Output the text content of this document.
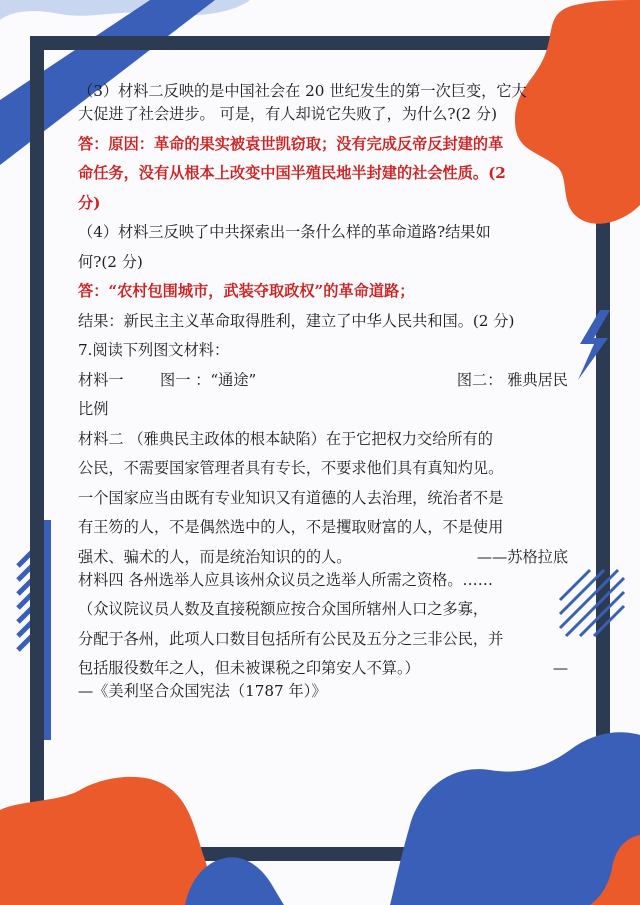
（3）材料二反映的是中国社会在 20 世纪发生的第一次巨变，它大
大促进了社会进步。 可是，有人却说它失败了，为什么?(2 分)
答：原因：革命的果实被袁世凯窃取；没有完成反帝反封建的革
命任务，没有从根本上改变中国半殖民地半封建的社会性质。(2
分)
（4）材料三反映了中共探索出一条什么样的革命道路?结果如
何?(2 分)
答：“农村包围城市，武装夺取政权”的革命道路；
结果：新民主主义革命取得胜利，建立了中华人民共和国。(2 分)
7.阅读下列图文材料：
材料一	图一 ：“通途”	图二： 雅典居民
比例
材料二 （雅典民主政体的根本缺陷）在于它把权力交给所有的
公民，不需要国家管理者具有专长，不要求他们具有真知灼见。
一个国家应当由既有专业知识又有道德的人去治理，统治者不是
有王笏的人，不是偶然选中的人，不是攫取财富的人，不是使用
强术、骗术的人，而是统治知识的的人。	——苏格拉底
材料四 各州选举人应具该州众议员之选举人所需之资格。……
（众议院议员人数及直接税额应按合众国所辖州人口之多寡，
分配于各州，此项人口数目包括所有公民及五分之三非公民，并
包括服役数年之人，但未被课税之印第安人不算。）	—
—《美利坚合众国宪法（1787 年）》
